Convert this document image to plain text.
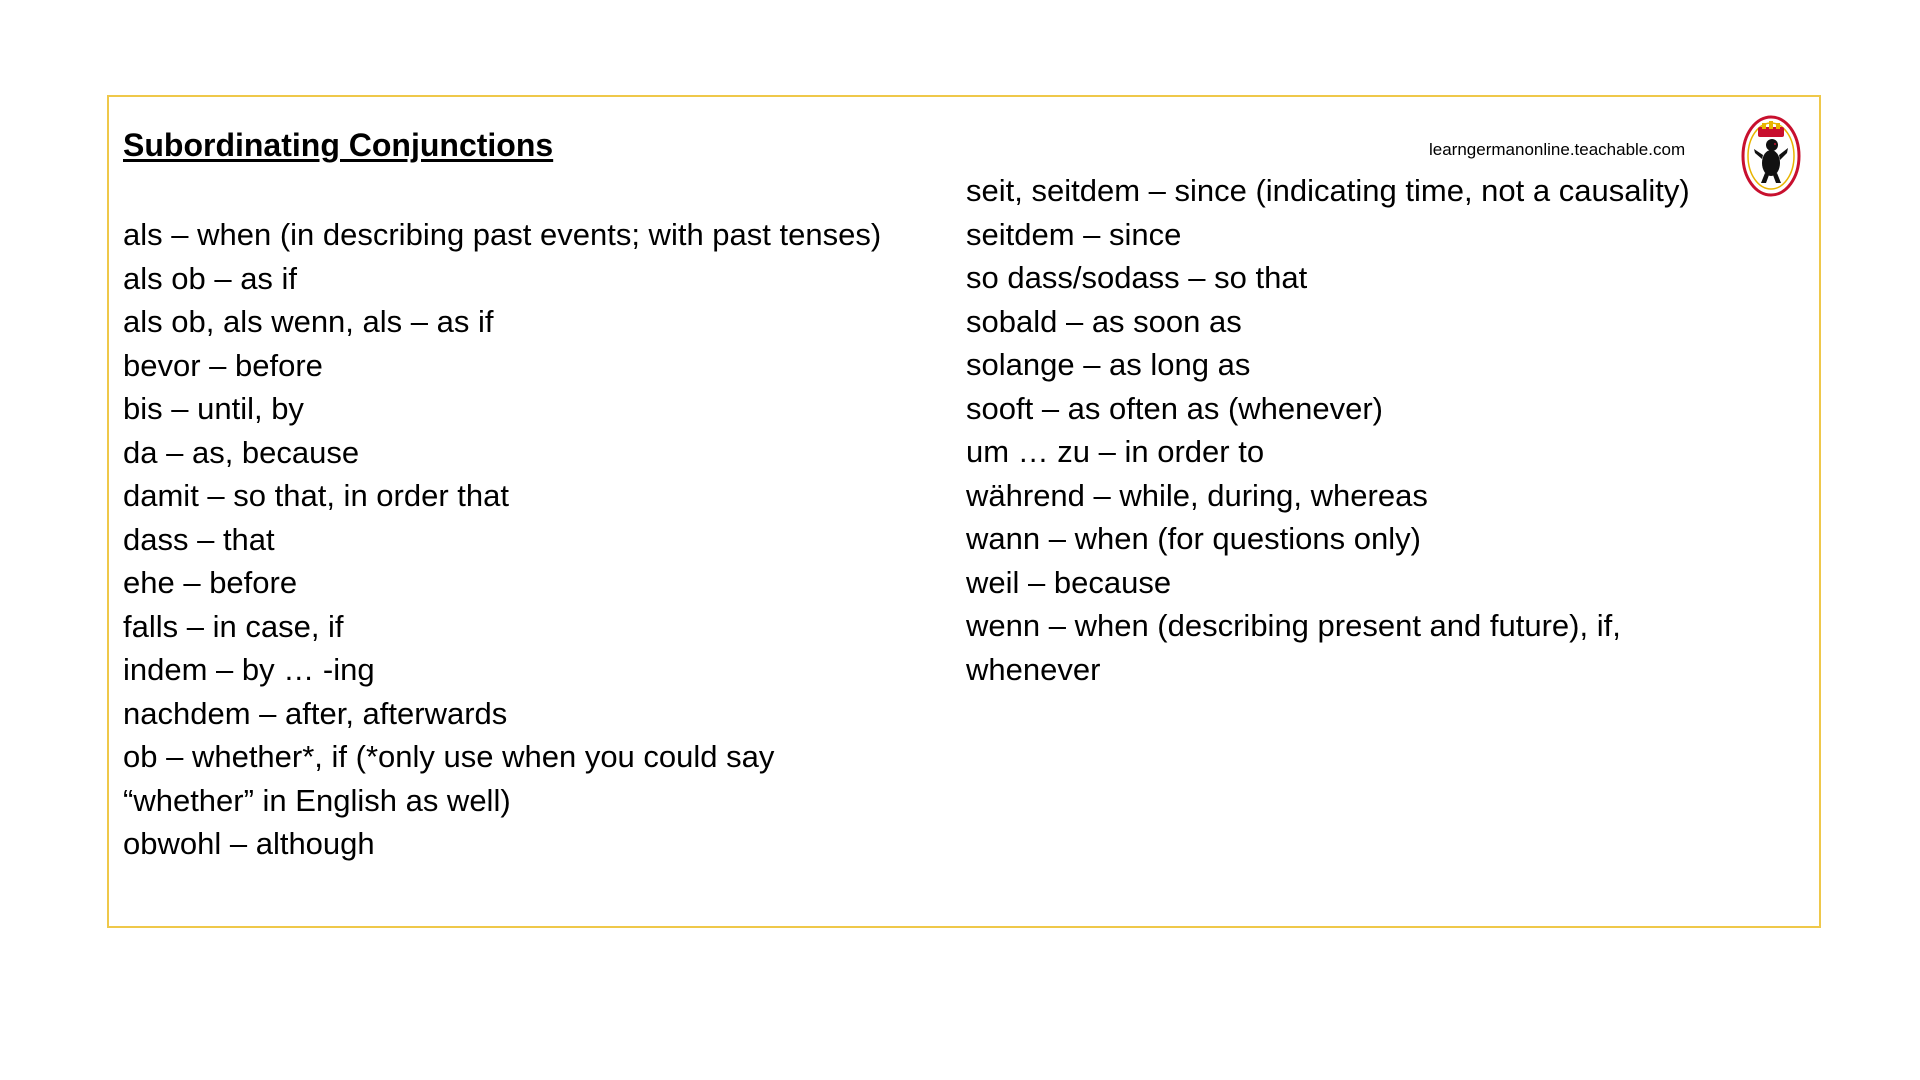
Subordinating Conjunctions	learngermanonline.teachable.com
als – when (in describing past events; with past tenses)
als ob – as if
als ob, als wenn, als – as if
bevor – before
bis – until, by
da – as, because
damit – so that, in order that
dass – that
ehe – before
falls – in case, if
indem – by … -ing
nachdem – after, afterwards
ob – whether*, if (*only use when you could say
“whether” in English as well)
obwohl – although
seit, seitdem – since (indicating time, not a causality)
seitdem – since
so dass/sodass – so that
sobald – as soon as
solange – as long as
sooft – as often as (whenever)
um … zu – in order to
während – while, during, whereas
wann – when (for questions only)
weil – because
wenn – when (describing present and future), if,
whenever
